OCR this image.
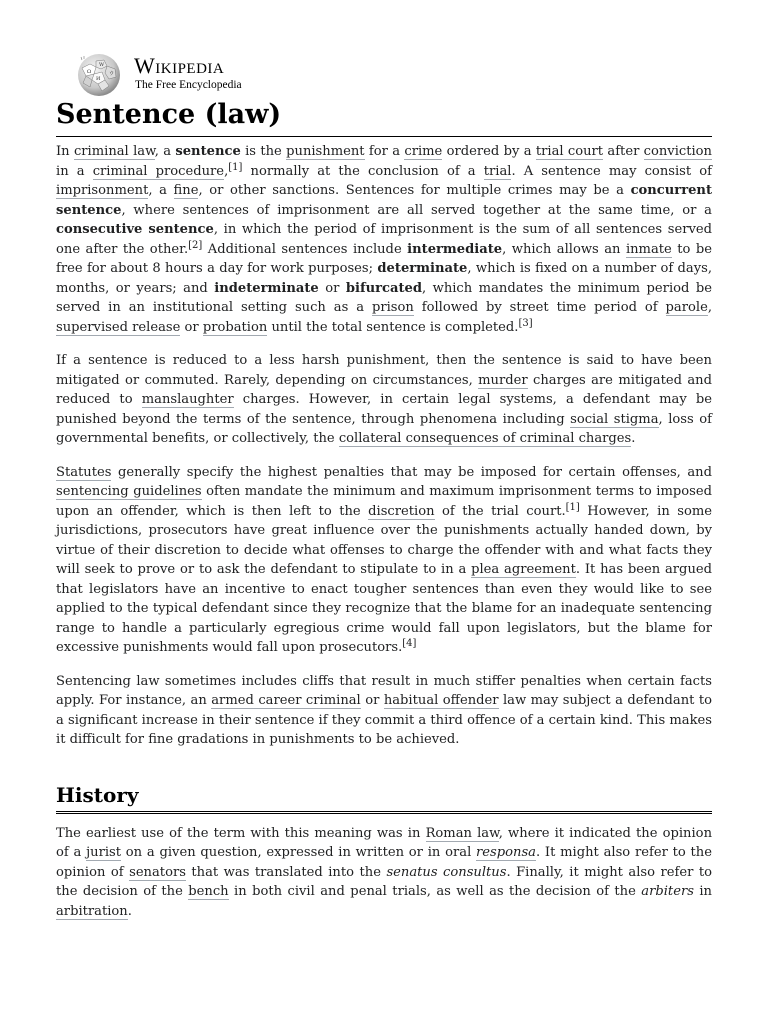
Ω
W
И
ウ Wikipedia
The Free Encyclopedia
Sentence (law)

In criminal law, a sentence is the punishment for a crime ordered by a trial court after conviction in a criminal procedure,[1] normally at the conclusion of a trial. A sentence may consist of imprisonment, a fine, or other sanctions. Sentences for multiple crimes may be a concurrent sentence, where sentences of imprisonment are all served together at the same time, or a consecutive sentence, in which the period of imprisonment is the sum of all sentences served one after the other.[2] Additional sentences include intermediate, which allows an inmate to be free for about 8 hours a day for work purposes; determinate, which is fixed on a number of days, months, or years; and indeterminate or bifurcated, which mandates the minimum period be served in an institutional setting such as a prison followed by street time period of parole, supervised release or probation until the total sentence is completed.[3]

If a sentence is reduced to a less harsh punishment, then the sentence is said to have been mitigated or commuted. Rarely, depending on circumstances, murder charges are mitigated and reduced to manslaughter charges. However, in certain legal systems, a defendant may be punished beyond the terms of the sentence, through phenomena including social stigma, loss of governmental benefits, or collectively, the collateral consequences of criminal charges.

Statutes generally specify the highest penalties that may be imposed for certain offenses, and sentencing guidelines often mandate the minimum and maximum imprisonment terms to imposed upon an offender, which is then left to the discretion of the trial court.[1] However, in some jurisdictions, prosecutors have great influence over the punishments actually handed down, by virtue of their discretion to decide what offenses to charge the offender with and what facts they will seek to prove or to ask the defendant to stipulate to in a plea agreement. It has been argued that legislators have an incentive to enact tougher sentences than even they would like to see applied to the typical defendant since they recognize that the blame for an inadequate sentencing range to handle a particularly egregious crime would fall upon legislators, but the blame for excessive punishments would fall upon prosecutors.[4]

Sentencing law sometimes includes cliffs that result in much stiffer penalties when certain facts apply. For instance, an armed career criminal or habitual offender law may subject a defendant to a significant increase in their sentence if they commit a third offence of a certain kind. This makes it difficult for fine gradations in punishments to be achieved.

History

The earliest use of the term with this meaning was in Roman law, where it indicated the opinion of a jurist on a given question, expressed in written or in oral responsa. It might also refer to the opinion of senators that was translated into the senatus consultus. Finally, it might also refer to the decision of the bench in both civil and penal trials, as well as the decision of the arbiters in arbitration.
